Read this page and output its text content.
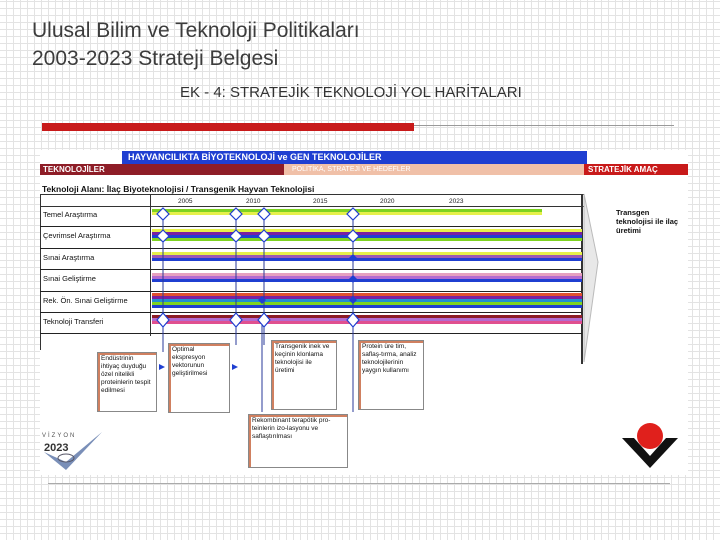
Ulusal Bilim ve Teknoloji Politikaları
2003-2023 Strateji Belgesi
EK - 4: STRATEJİK TEKNOLOJİ YOL HARİTALARI
HAYVANCILIKTA BİYOTEKNOLOJİ ve GEN TEKNOLOJİLER
TEKNOLOJİLER	POLİTİKA, STRATEJİ VE HEDEFLER	STRATEJİK AMAÇ
Teknoloji Alanı: İlaç Biyoteknolojisi / Transgenik Hayvan Teknolojisi
2005	2010	2015	2020	2023
Temel Araştırma
Çevrimsel Araştırma
Sınai Araştırma
Sınai Geliştirme
Rek. Ön. Sınai Geliştirme
Teknoloji Transferi
Endüstrinin ihtiyaç duyduğu özel nitelikli proteinlerin tespit edilmesi
Optimal ekspresyon vektorunun geliştirilmesi
Transgenik inek ve keçinin klonlama teknolojisi ile üretimi
Protein üre tim, saflaş-tırma, analiz teknolojilerinin yaygın kullanımı
Rekombinant terapötik pro-teinlerin izo-lasyonu ve saflaştırılması
Transgen teknolojisi ile ilaç üretimi
VİZYON
2023
